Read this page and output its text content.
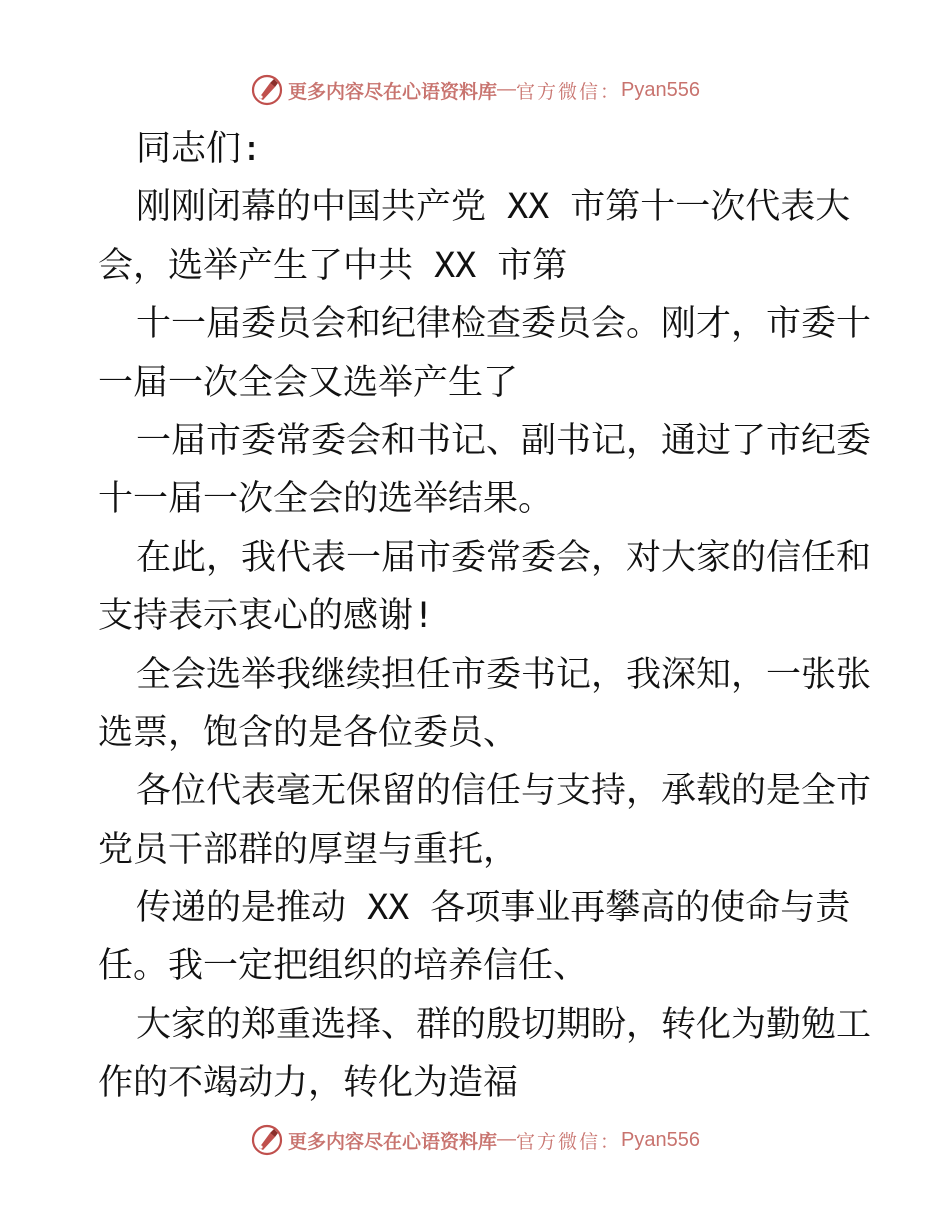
更多内容尽在心语资料库 — 官方微信： Pyan556
同志们:
刚刚闭幕的中国共产党 XX 市第十一次代表大
会，选举产生了中共 XX 市第
十一届委员会和纪律检查委员会。刚才，市委十
一届一次全会又选举产生了
一届市委常委会和书记、副书记，通过了市纪委
十一届一次全会的选举结果。
在此，我代表一届市委常委会，对大家的信任和
支持表示衷心的感谢!
全会选举我继续担任市委书记，我深知，一张张
选票，饱含的是各位委员、
各位代表毫无保留的信任与支持，承载的是全市
党员干部群的厚望与重托，
传递的是推动 XX 各项事业再攀高的使命与责
任。我一定把组织的培养信任、
大家的郑重选择、群的殷切期盼，转化为勤勉工
作的不竭动力，转化为造福
更多内容尽在心语资料库 — 官方微信： Pyan556
